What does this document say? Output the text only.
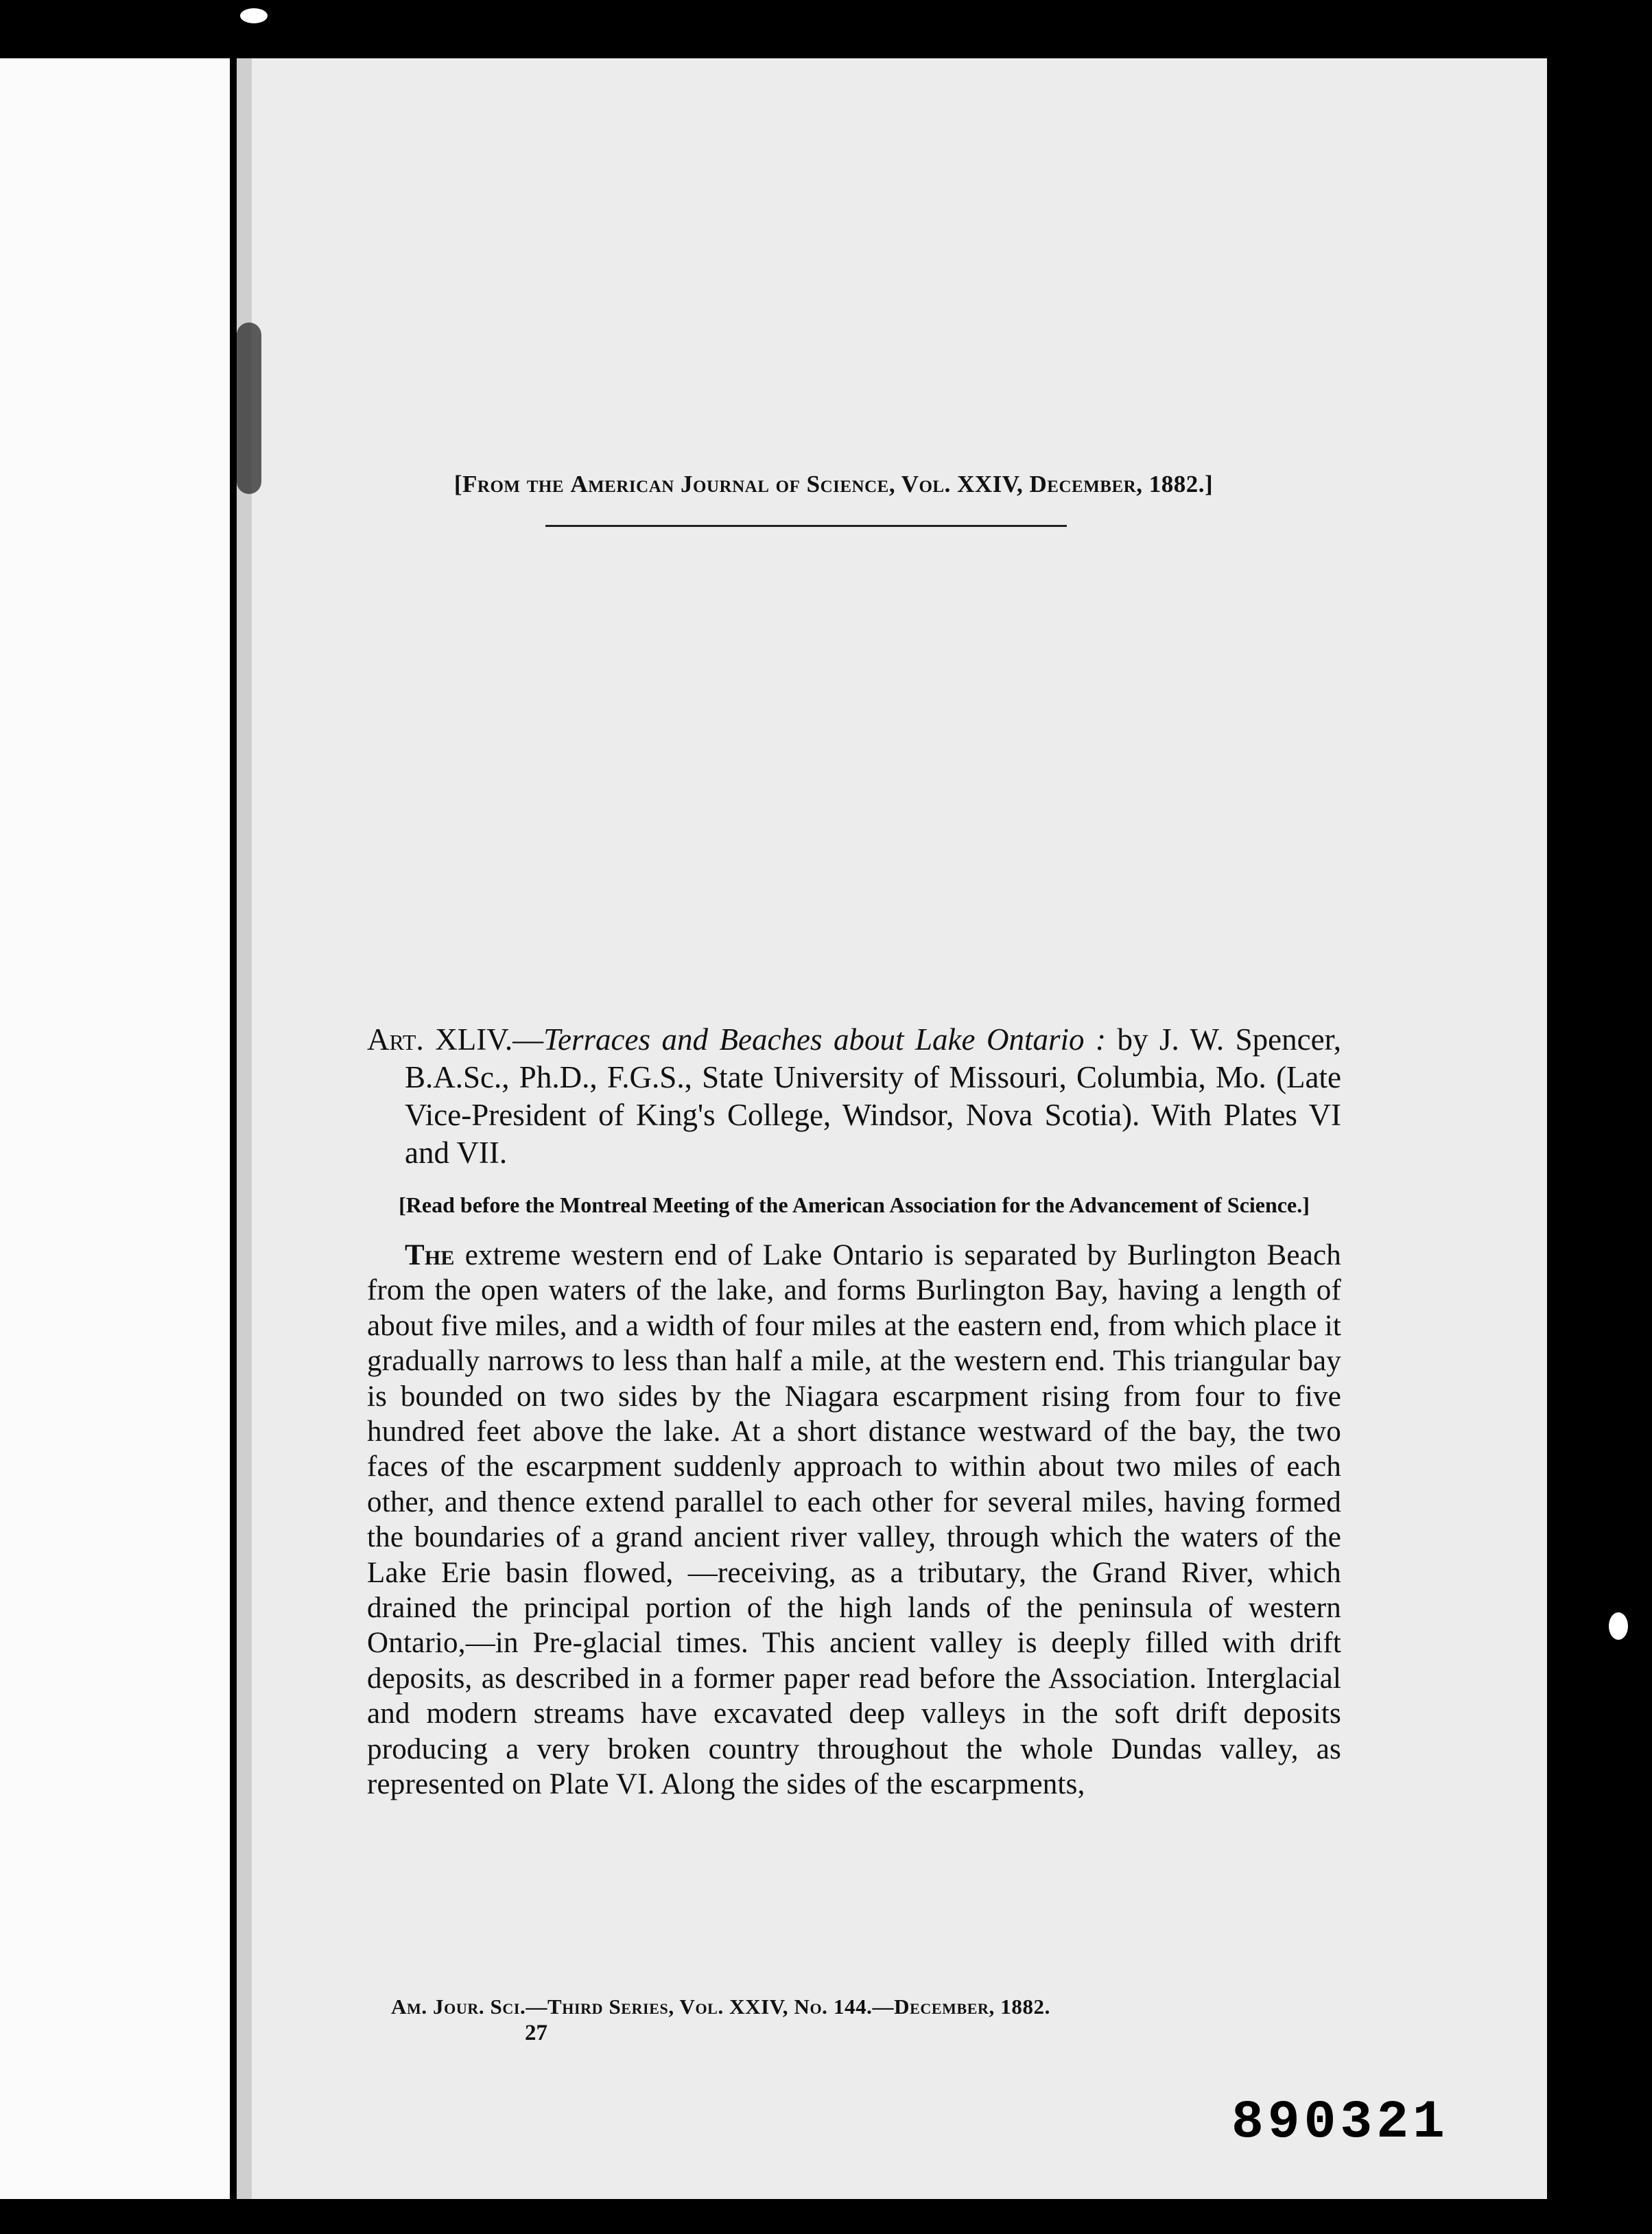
[From the American Journal of Science, Vol. XXIV, December, 1882.]

Art. XLIV.—Terraces and Beaches about Lake Ontario : by J. W. Spencer, B.A.Sc., Ph.D., F.G.S., State University of Missouri, Columbia, Mo. (Late Vice-President of King's College, Windsor, Nova Scotia). With Plates VI and VII.

[Read before the Montreal Meeting of the American Association for the Advancement of Science.]

The extreme western end of Lake Ontario is separated by Burlington Beach from the open waters of the lake, and forms Burlington Bay, having a length of about five miles, and a width of four miles at the eastern end, from which place it gradually narrows to less than half a mile, at the western end. This triangular bay is bounded on two sides by the Niagara escarpment rising from four to five hundred feet above the lake. At a short distance westward of the bay, the two faces of the escarpment suddenly approach to within about two miles of each other, and thence extend parallel to each other for several miles, having formed the boundaries of a grand ancient river valley, through which the waters of the Lake Erie basin flowed, —receiving, as a tributary, the Grand River, which drained the principal portion of the high lands of the peninsula of western Ontario,—in Pre-glacial times. This ancient valley is deeply filled with drift deposits, as described in a former paper read before the Association. Interglacial and modern streams have excavated deep valleys in the soft drift deposits producing a very broken country throughout the whole Dundas valley, as represented on Plate VI. Along the sides of the escarpments,

Am. Jour. Sci.—Third Series, Vol. XXIV, No. 144.—December, 1882.
27
890321
